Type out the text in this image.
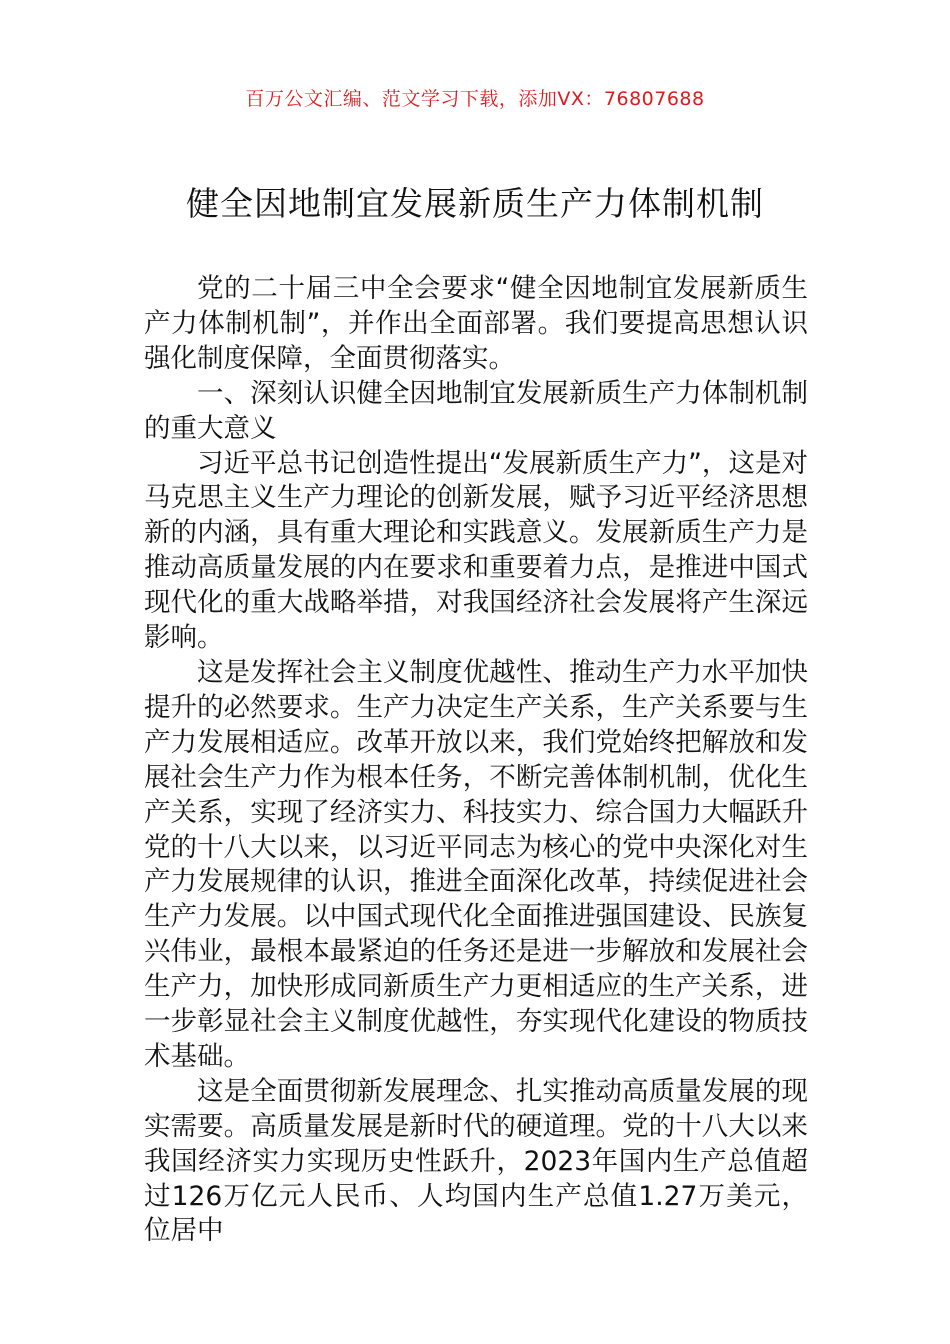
百万公文汇编、范文学习下载，添加VX：76807688
健全因地制宜发展新质生产力体制机制

党的二十届三中全会要求“健全因地制宜发展新质生产力体制机制”，并作出全面部署。我们要提高思想认识强化制度保障，全面贯彻落实。

一、深刻认识健全因地制宜发展新质生产力体制机制的重大意义

习近平总书记创造性提出“发展新质生产力”，这是对马克思主义生产力理论的创新发展，赋予习近平经济思想新的内涵，具有重大理论和实践意义。发展新质生产力是推动高质量发展的内在要求和重要着力点，是推进中国式现代化的重大战略举措，对我国经济社会发展将产生深远影响。

这是发挥社会主义制度优越性、推动生产力水平加快提升的必然要求。生产力决定生产关系，生产关系要与生产力发展相适应。改革开放以来，我们党始终把解放和发展社会生产力作为根本任务，不断完善体制机制，优化生产关系，实现了经济实力、科技实力、综合国力大幅跃升党的十八大以来，以习近平同志为核心的党中央深化对生产力发展规律的认识，推进全面深化改革，持续促进社会生产力发展。以中国式现代化全面推进强国建设、民族复兴伟业，最根本最紧迫的任务还是进一步解放和发展社会生产力，加快形成同新质生产力更相适应的生产关系，进一步彰显社会主义制度优越性，夯实现代化建设的物质技术基础。

这是全面贯彻新发展理念、扎实推动高质量发展的现实需要。高质量发展是新时代的硬道理。党的十八大以来我国经济实力实现历史性跃升，2023年国内生产总值超过126万亿元人民币、人均国内生产总值1.27万美元，位居中
